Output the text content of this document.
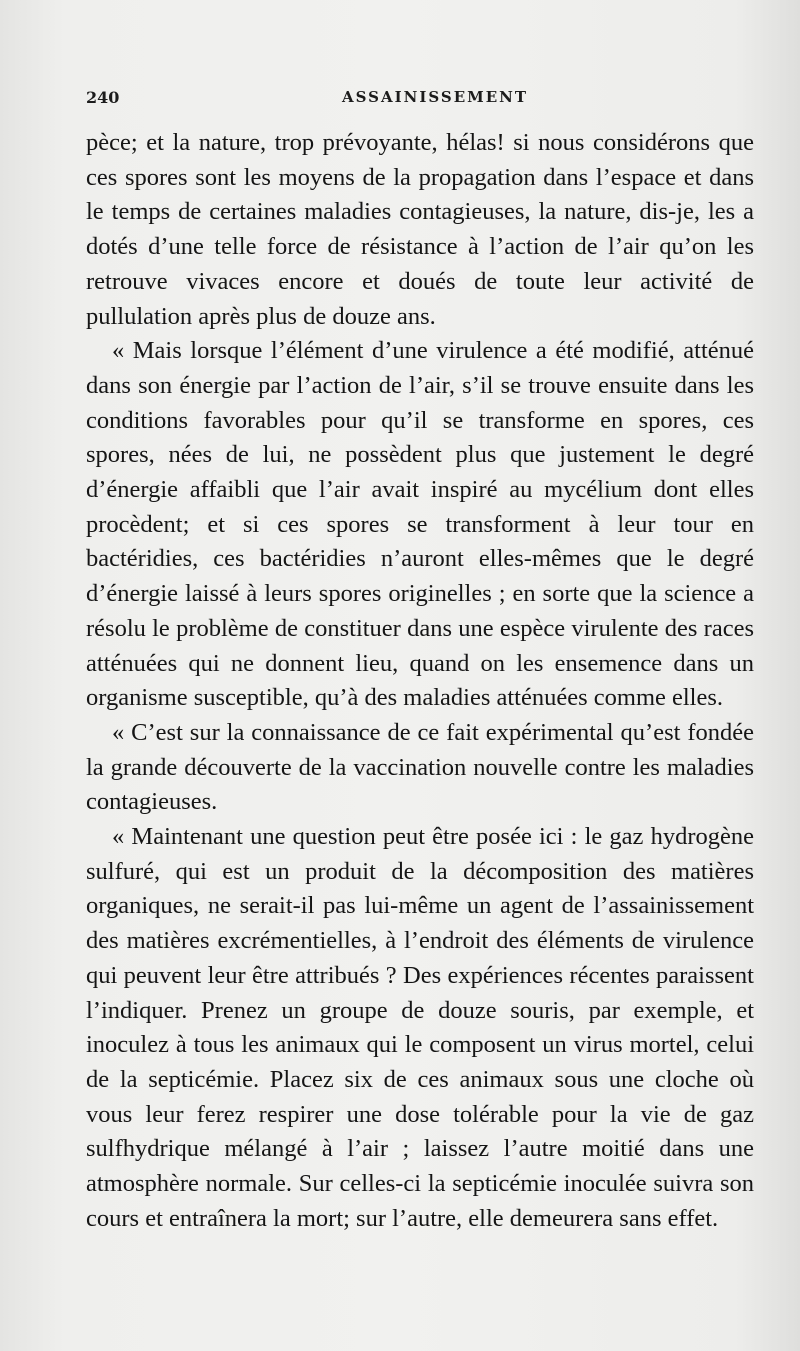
240	ASSAINISSEMENT

pèce; et la nature, trop prévoyante, hélas! si nous considérons que ces spores sont les moyens de la propagation dans l’espace et dans le temps de certaines maladies contagieuses, la nature, dis-je, les a dotés d’une telle force de résistance à l’action de l’air qu’on les retrouve vivaces encore et doués de toute leur activité de pullulation après plus de douze ans.

« Mais lorsque l’élément d’une virulence a été modifié, atténué dans son énergie par l’action de l’air, s’il se trouve ensuite dans les conditions favorables pour qu’il se transforme en spores, ces spores, nées de lui, ne possèdent plus que justement le degré d’énergie affaibli que l’air avait inspiré au mycélium dont elles procèdent; et si ces spores se transforment à leur tour en bactéridies, ces bactéridies n’auront elles-mêmes que le degré d’énergie laissé à leurs spores originelles ; en sorte que la science a résolu le problème de constituer dans une espèce virulente des races atténuées qui ne donnent lieu, quand on les ensemence dans un organisme susceptible, qu’à des maladies atténuées comme elles.

« C’est sur la connaissance de ce fait expérimental qu’est fondée la grande découverte de la vaccination nouvelle contre les maladies contagieuses.

« Maintenant une question peut être posée ici : le gaz hydrogène sulfuré, qui est un produit de la décomposition des matières organiques, ne serait-il pas lui-même un agent de l’assainissement des matières excrémentielles, à l’endroit des éléments de virulence qui peuvent leur être attribués ? Des expériences récentes paraissent l’indiquer. Prenez un groupe de douze souris, par exemple, et inoculez à tous les animaux qui le composent un virus mortel, celui de la septicémie. Placez six de ces animaux sous une cloche où vous leur ferez respirer une dose tolérable pour la vie de gaz sulfhydrique mélangé à l’air ; laissez l’autre moitié dans une atmosphère normale. Sur celles-ci la septicémie inoculée suivra son cours et entraînera la mort; sur l’autre, elle demeurera sans effet.
